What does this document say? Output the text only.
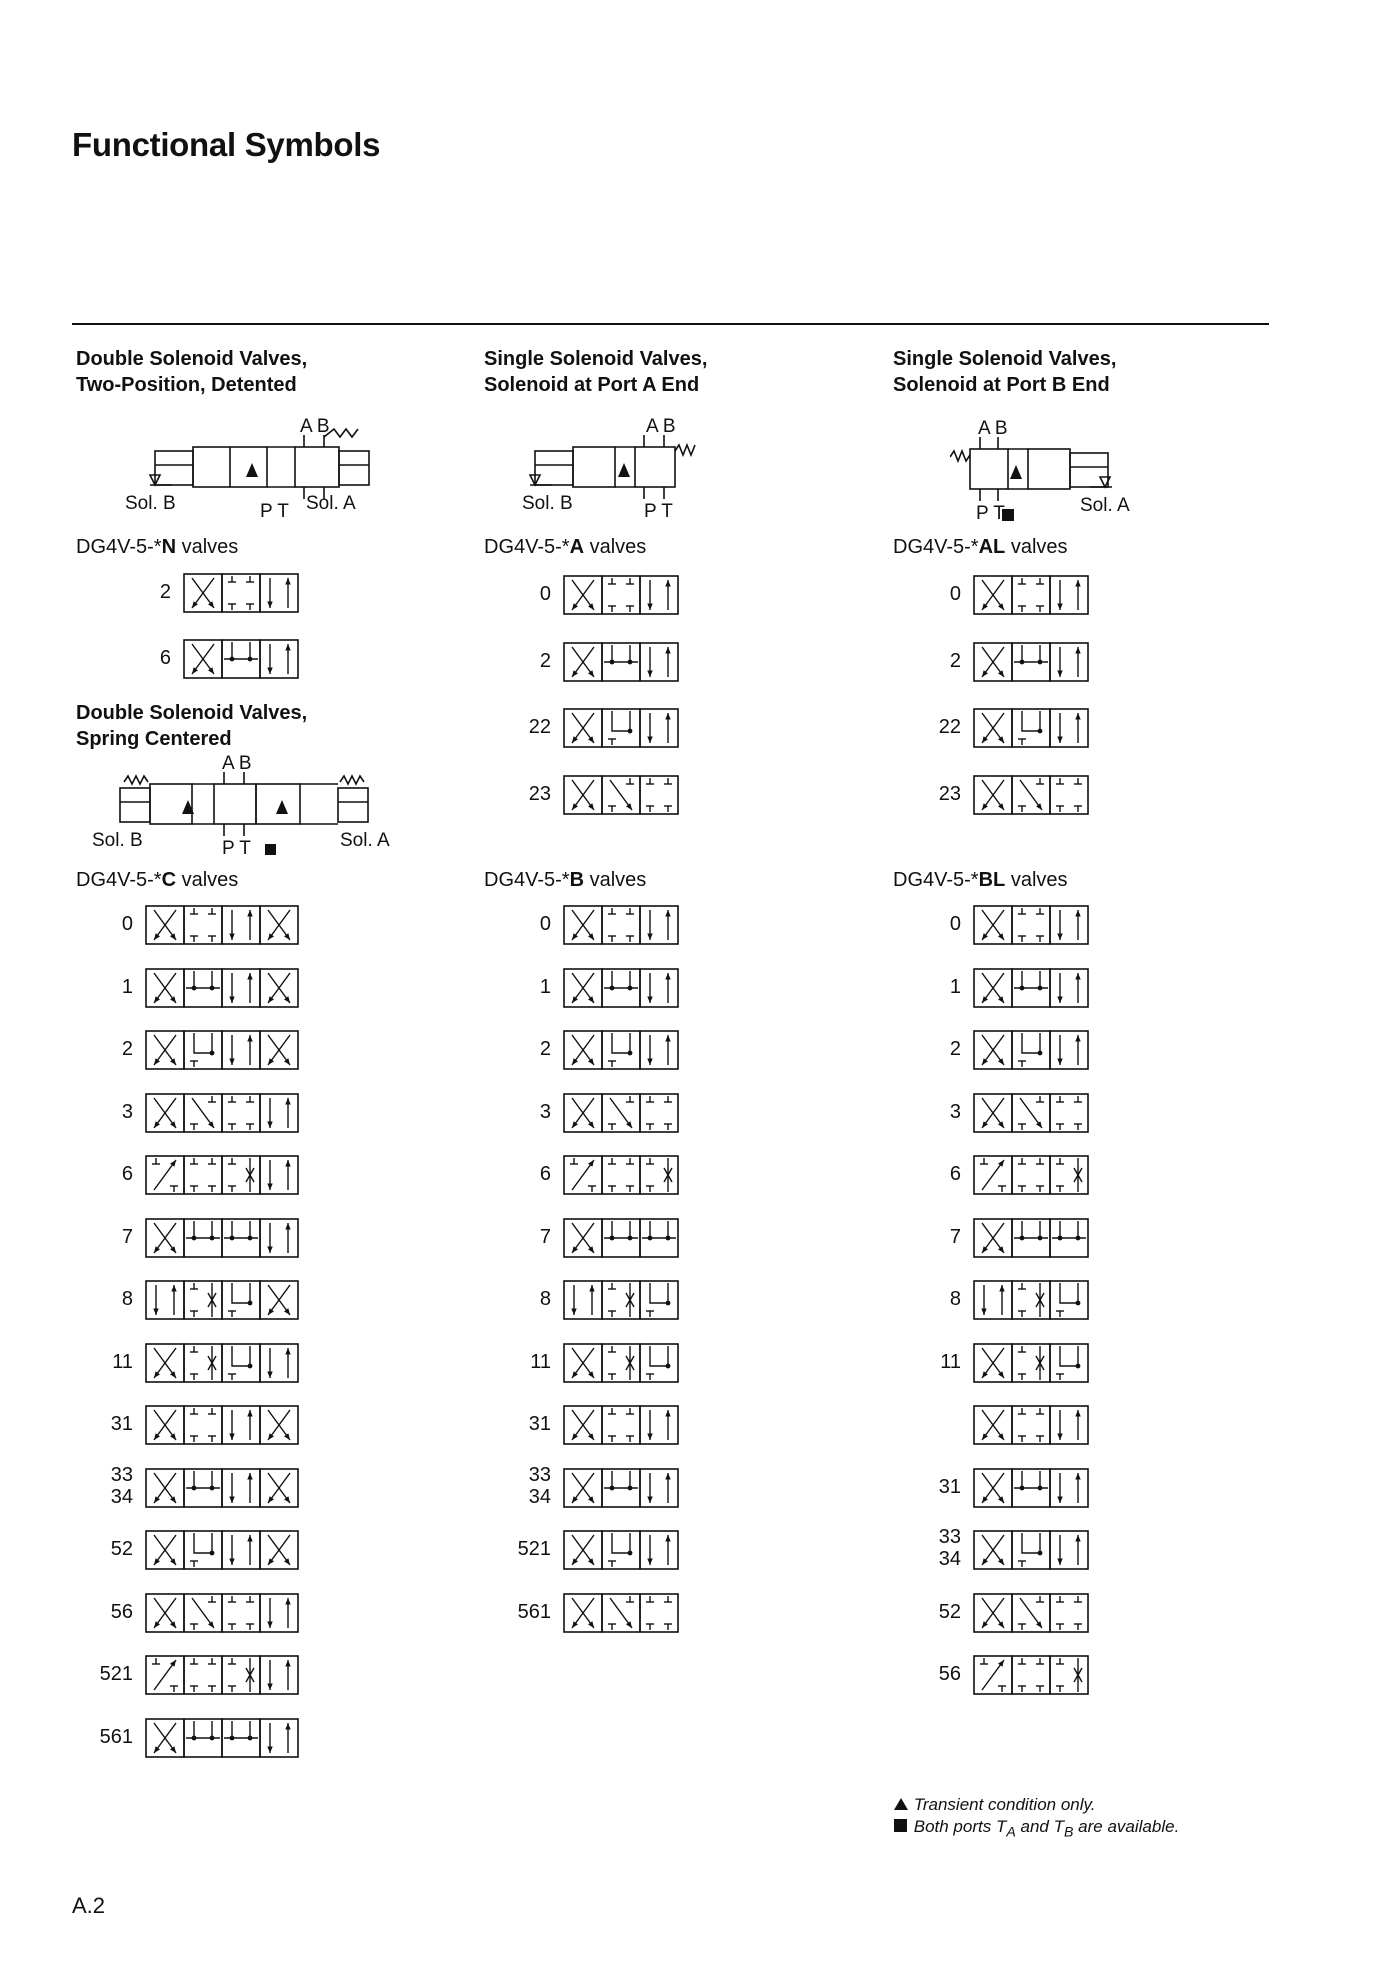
Functional Symbols
Double Solenoid Valves,
Two-Position, Detented
A B
Sol. B	P T Sol. A
DG4V-5-*N valves
2
6
Double Solenoid Valves,
Spring Centered
A B
Sol. B	P T	Sol. A
DG4V-5-*C valves
0
1
2
3
6
7
8
11
31
33
34
52
56
521
561
Single Solenoid Valves,
Solenoid at Port A End
A B
Sol. B	P T
DG4V-5-*A valves
0
2
22
23
DG4V-5-*B valves
0
1
2
3
6
7
8
11
31
33
34
521
561
Single Solenoid Valves,
Solenoid at Port B End
A B
P T	Sol. A
DG4V-5-*AL valves
0
2
22
23
DG4V-5-*BL valves
0
1
2
3
6
7
8
11
31
33
34
52
56
Transient condition only.
Both ports $T_A$ and $T_B$ are available.
A.2
